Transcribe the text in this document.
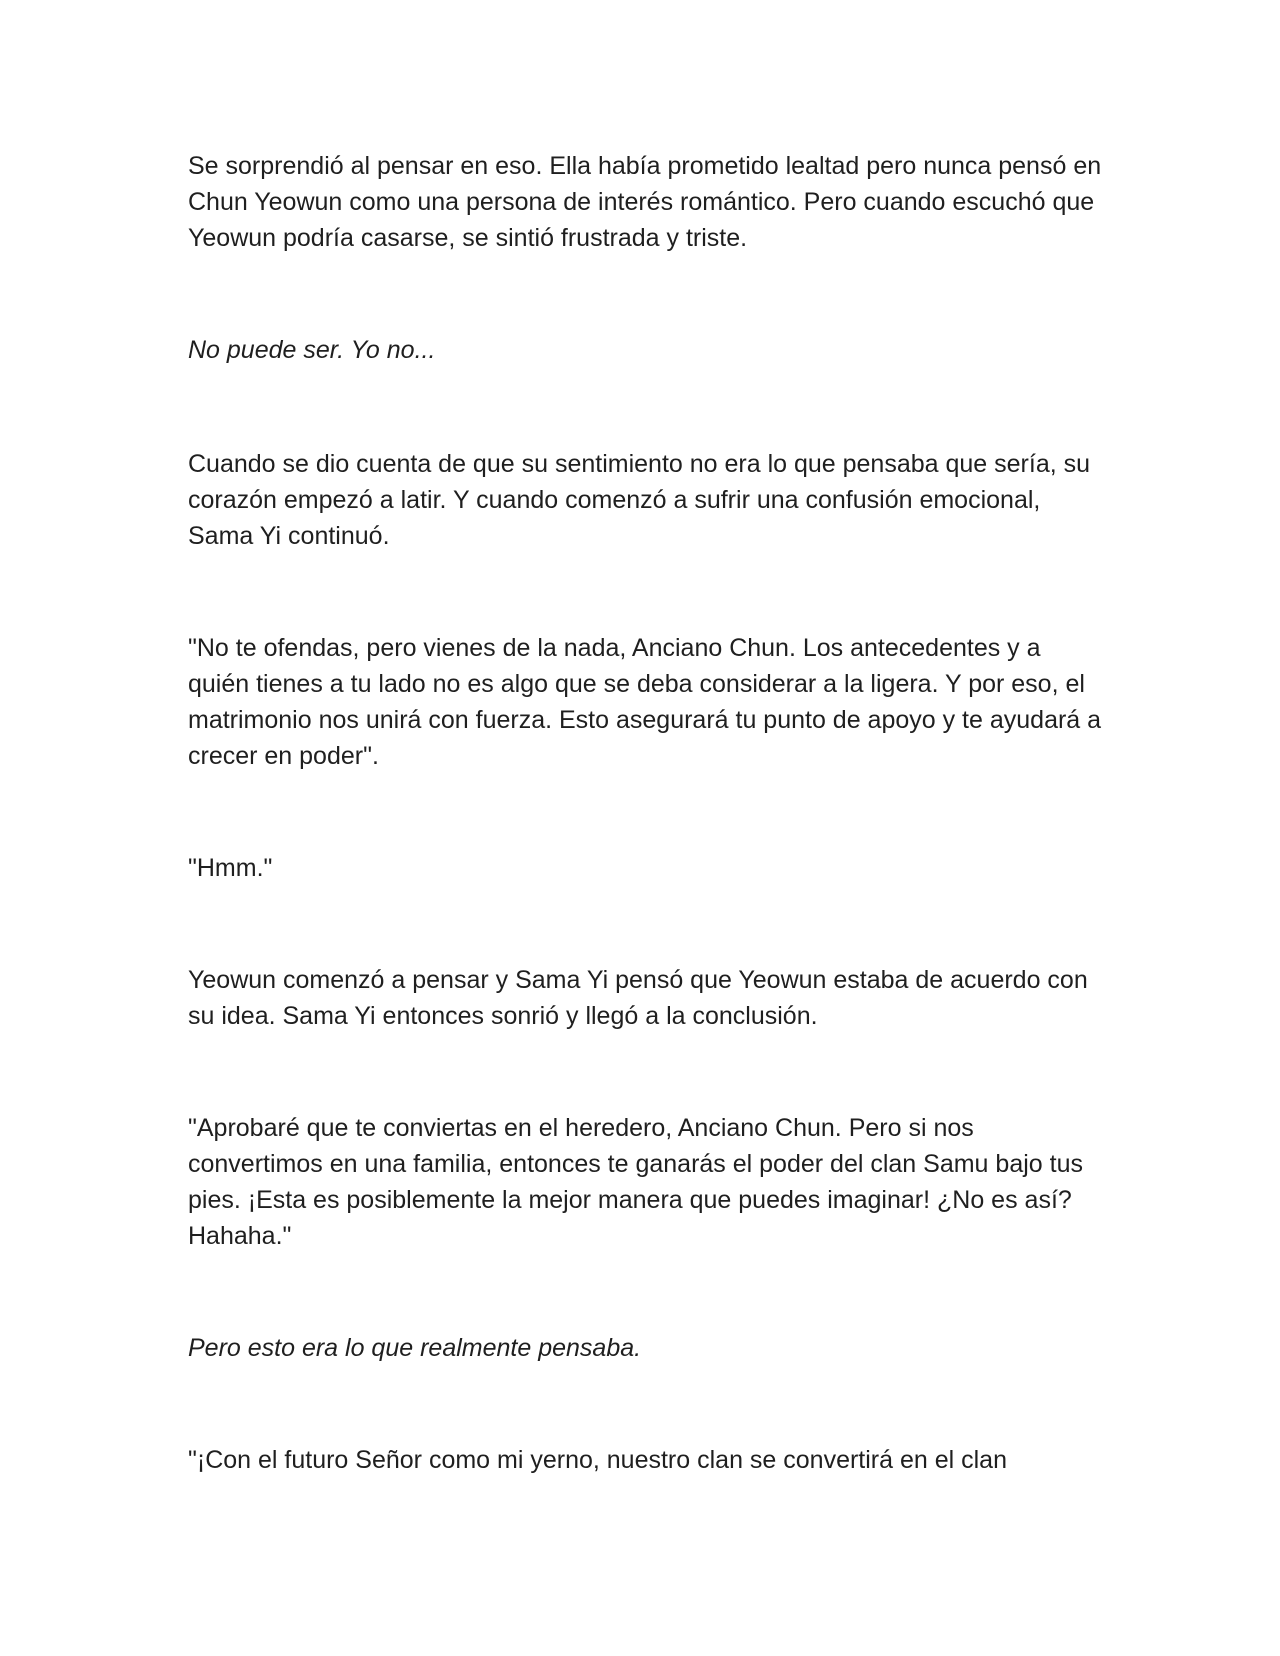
Se sorprendió al pensar en eso. Ella había prometido lealtad pero nunca pensó en Chun Yeowun como una persona de interés romántico. Pero cuando escuchó que Yeowun podría casarse, se sintió frustrada y triste.

No puede ser. Yo no...

Cuando se dio cuenta de que su sentimiento no era lo que pensaba que sería, su corazón empezó a latir. Y cuando comenzó a sufrir una confusión emocional, Sama Yi continuó.

"No te ofendas, pero vienes de la nada, Anciano Chun. Los antecedentes y a quién tienes a tu lado no es algo que se deba considerar a la ligera. Y por eso, el matrimonio nos unirá con fuerza. Esto asegurará tu punto de apoyo y te ayudará a crecer en poder".

"Hmm."

Yeowun comenzó a pensar y Sama Yi pensó que Yeowun estaba de acuerdo con su idea. Sama Yi entonces sonrió y llegó a la conclusión.

"Aprobaré que te conviertas en el heredero, Anciano Chun. Pero si nos convertimos en una familia, entonces te ganarás el poder del clan Samu bajo tus pies. ¡Esta es posiblemente la mejor manera que puedes imaginar! ¿No es así? Hahaha."

Pero esto era lo que realmente pensaba.

"¡Con el futuro Señor como mi yerno, nuestro clan se convertirá en el clan
